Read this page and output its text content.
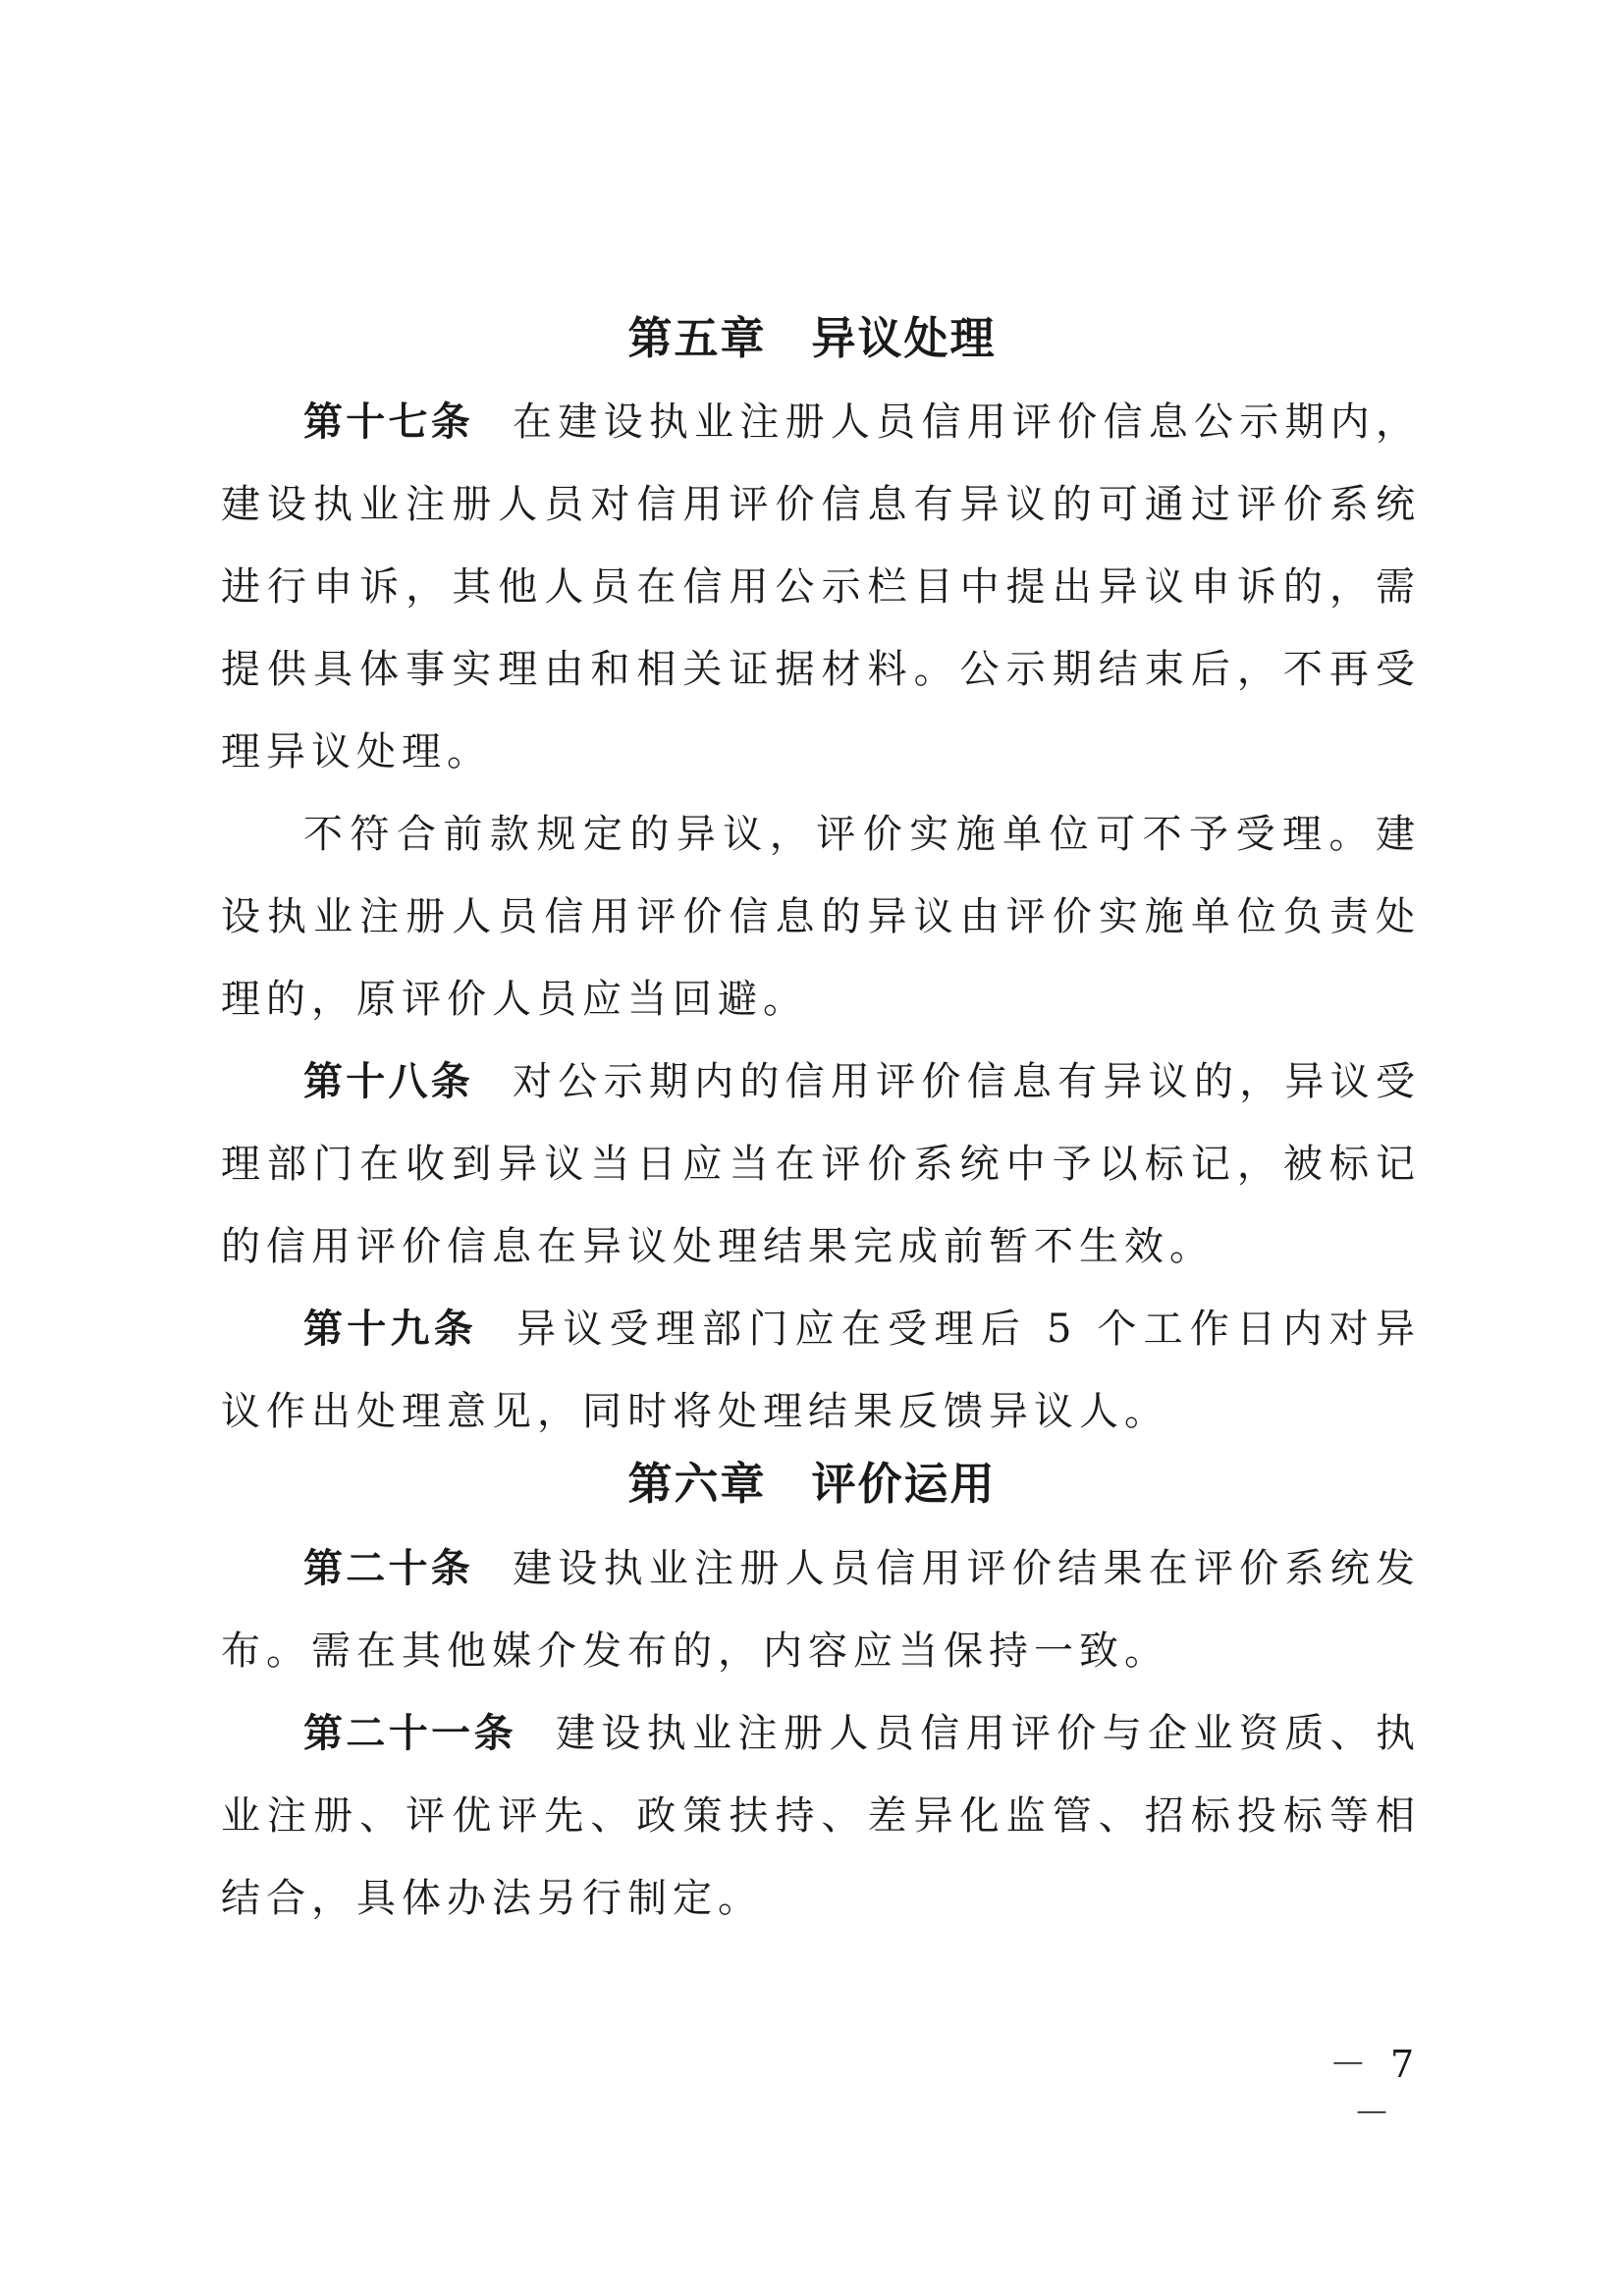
第五章 异议处理

第十七条 在建设执业注册人员信用评价信息公示期内，建设执业注册人员对信用评价信息有异议的可通过评价系统进行申诉，其他人员在信用公示栏目中提出异议申诉的，需提供具体事实理由和相关证据材料。公示期结束后，不再受理异议处理。

不符合前款规定的异议，评价实施单位可不予受理。建设执业注册人员信用评价信息的异议由评价实施单位负责处理的，原评价人员应当回避。

第十八条 对公示期内的信用评价信息有异议的，异议受理部门在收到异议当日应当在评价系统中予以标记，被标记的信用评价信息在异议处理结果完成前暂不生效。

第十九条 异议受理部门应在受理后 5 个工作日内对异议作出处理意见，同时将处理结果反馈异议人。

第六章 评价运用

第二十条 建设执业注册人员信用评价结果在评价系统发布。需在其他媒介发布的，内容应当保持一致。

第二十一条 建设执业注册人员信用评价与企业资质、执业注册、评优评先、政策扶持、差异化监管、招标投标等相结合，具体办法另行制定。

－ 7 －
